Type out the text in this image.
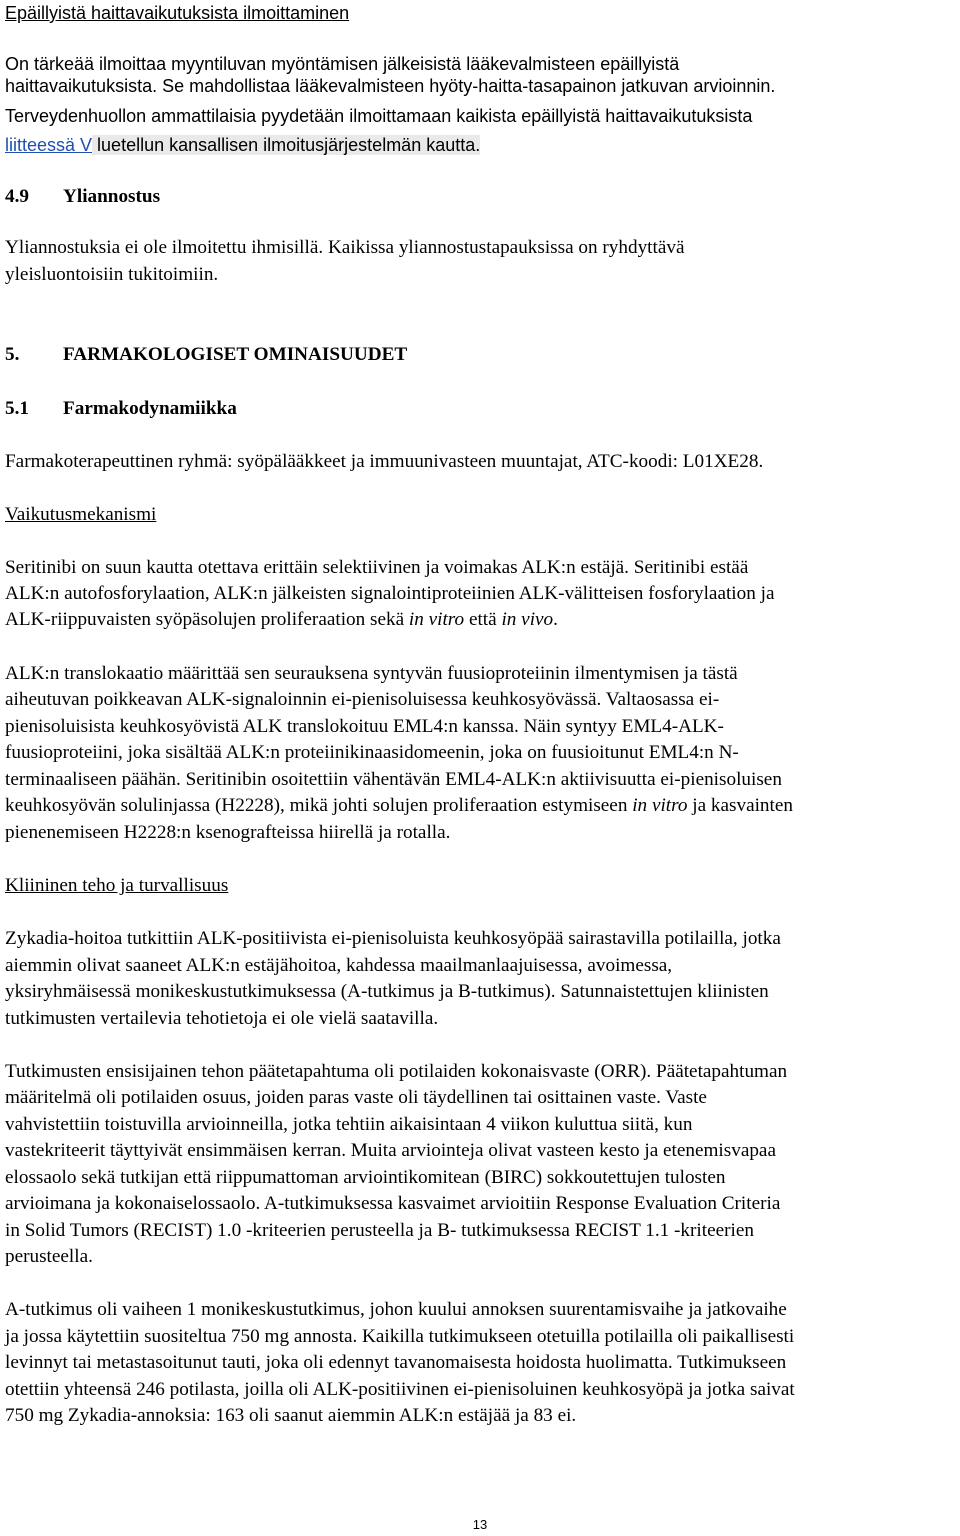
Epäillyistä haittavaikutuksista ilmoittaminen
On tärkeää ilmoittaa myyntiluvan myöntämisen jälkeisistä lääkevalmisteen epäillyistä
haittavaikutuksista. Se mahdollistaa lääkevalmisteen hyöty-haitta-tasapainon jatkuvan arvioinnin.
Terveydenhuollon ammattilaisia pyydetään ilmoittamaan kaikista epäillyistä haittavaikutuksista
liitteessä V luetellun kansallisen ilmoitusjärjestelmän kautta.
4.9 Yliannostus
Yliannostuksia ei ole ilmoitettu ihmisillä. Kaikissa yliannostustapauksissa on ryhdyttävä
yleisluontoisiin tukitoimiin.
5. FARMAKOLOGISET OMINAISUUDET
5.1 Farmakodynamiikka
Farmakoterapeuttinen ryhmä: syöpälääkkeet ja immuunivasteen muuntajat, ATC-koodi: L01XE28.
Vaikutusmekanismi
Seritinibi on suun kautta otettava erittäin selektiivinen ja voimakas ALK:n estäjä. Seritinibi estää
ALK:n autofosforylaation, ALK:n jälkeisten signalointiproteiinien ALK-välitteisen fosforylaation ja
ALK-riippuvaisten syöpäsolujen proliferaation sekä in vitro että in vivo.
ALK:n translokaatio määrittää sen seurauksena syntyvän fuusioproteiinin ilmentymisen ja tästä
aiheutuvan poikkeavan ALK-signaloinnin ei-pienisoluisessa keuhkosyövässä. Valtaosassa ei-
pienisoluisista keuhkosyövistä ALK translokoituu EML4:n kanssa. Näin syntyy EML4-ALK-
fuusioproteiini, joka sisältää ALK:n proteiinikinaasidomeenin, joka on fuusioitunut EML4:n N-
terminaaliseen päähän. Seritinibin osoitettiin vähentävän EML4-ALK:n aktiivisuutta ei-pienisoluisen
keuhkosyövän solulinjassa (H2228), mikä johti solujen proliferaation estymiseen in vitro ja kasvainten
pienenemiseen H2228:n ksenografteissa hiirellä ja rotalla.
Kliininen teho ja turvallisuus
Zykadia-hoitoa tutkittiin ALK-positiivista ei-pienisoluista keuhkosyöpää sairastavilla potilailla, jotka
aiemmin olivat saaneet ALK:n estäjähoitoa, kahdessa maailmanlaajuisessa, avoimessa,
yksiryhmäisessä monikeskustutkimuksessa (A-tutkimus ja B-tutkimus). Satunnaistettujen kliinisten
tutkimusten vertailevia tehotietoja ei ole vielä saatavilla.
Tutkimusten ensisijainen tehon päätetapahtuma oli potilaiden kokonaisvaste (ORR). Päätetapahtuman
määritelmä oli potilaiden osuus, joiden paras vaste oli täydellinen tai osittainen vaste. Vaste
vahvistettiin toistuvilla arvioinneilla, jotka tehtiin aikaisintaan 4 viikon kuluttua siitä, kun
vastekriteerit täyttyivät ensimmäisen kerran. Muita arviointeja olivat vasteen kesto ja etenemisvapaa
elossaolo sekä tutkijan että riippumattoman arviointikomitean (BIRC) sokkoutettujen tulosten
arvioimana ja kokonaiselossaolo. A-tutkimuksessa kasvaimet arvioitiin Response Evaluation Criteria
in Solid Tumors (RECIST) 1.0 -kriteerien perusteella ja B- tutkimuksessa RECIST 1.1 -kriteerien
perusteella.
A-tutkimus oli vaiheen 1 monikeskustutkimus, johon kuului annoksen suurentamisvaihe ja jatkovaihe
ja jossa käytettiin suositeltua 750 mg annosta. Kaikilla tutkimukseen otetuilla potilailla oli paikallisesti
levinnyt tai metastasoitunut tauti, joka oli edennyt tavanomaisesta hoidosta huolimatta. Tutkimukseen
otettiin yhteensä 246 potilasta, joilla oli ALK-positiivinen ei-pienisoluinen keuhkosyöpä ja jotka saivat
750 mg Zykadia-annoksia: 163 oli saanut aiemmin ALK:n estäjää ja 83 ei.
13
